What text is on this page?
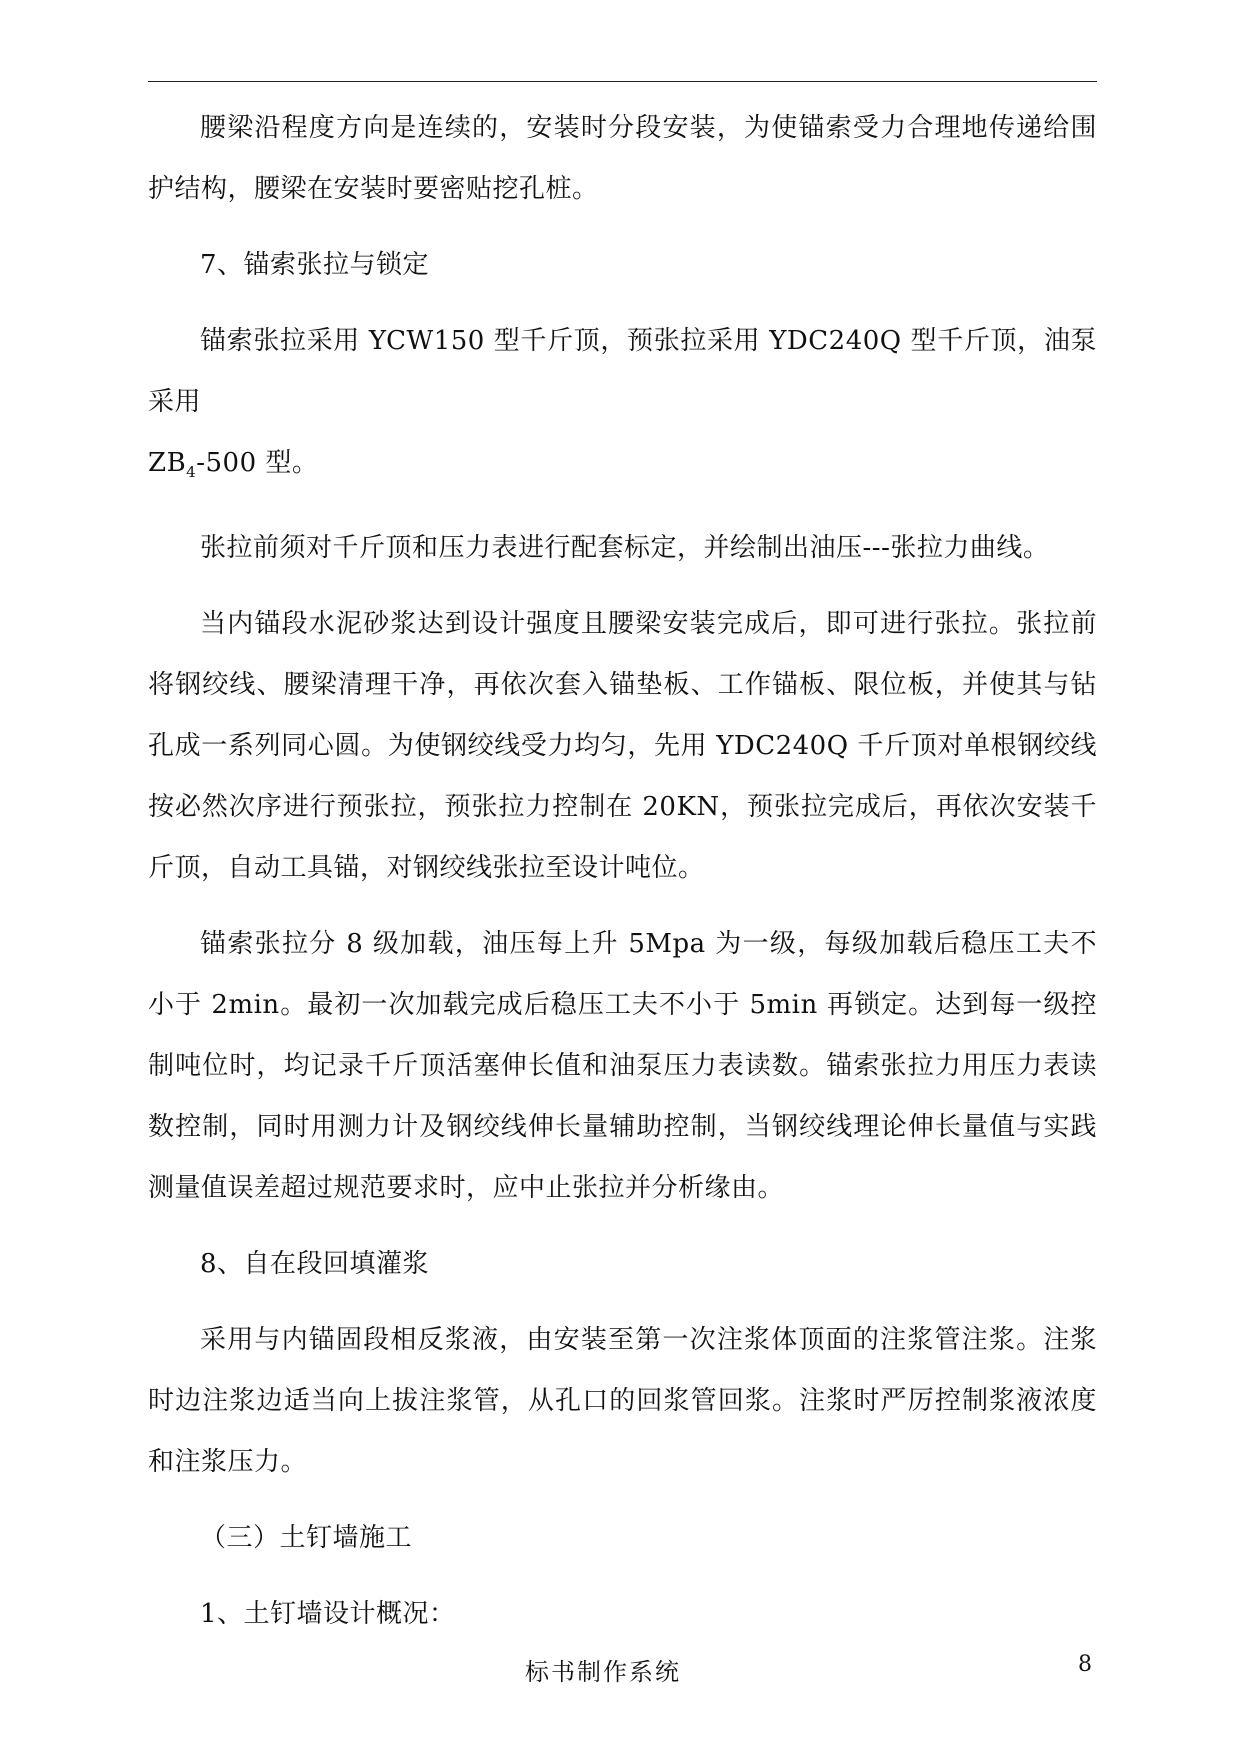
腰梁沿程度方向是连续的，安装时分段安装，为使锚索受力合理地传递给围护结构，腰梁在安装时要密贴挖孔桩。

7、锚索张拉与锁定

锚索张拉采用 YCW150 型千斤顶，预张拉采用 YDC240Q 型千斤顶，油泵采用

$ZB_4-500$ 型。

张拉前须对千斤顶和压力表进行配套标定，并绘制出油压---张拉力曲线。

当内锚段水泥砂浆达到设计强度且腰梁安装完成后，即可进行张拉。张拉前将钢绞线、腰梁清理干净，再依次套入锚垫板、工作锚板、限位板，并使其与钻孔成一系列同心圆。为使钢绞线受力均匀，先用 YDC240Q 千斤顶对单根钢绞线按必然次序进行预张拉，预张拉力控制在 20KN，预张拉完成后，再依次安装千斤顶，自动工具锚，对钢绞线张拉至设计吨位。

锚索张拉分 8 级加载，油压每上升 5Mpa 为一级，每级加载后稳压工夫不小于 2min。最初一次加载完成后稳压工夫不小于 5min 再锁定。达到每一级控制吨位时，均记录千斤顶活塞伸长值和油泵压力表读数。锚索张拉力用压力表读数控制，同时用测力计及钢绞线伸长量辅助控制，当钢绞线理论伸长量值与实践测量值误差超过规范要求时，应中止张拉并分析缘由。

8、自在段回填灌浆

采用与内锚固段相反浆液，由安装至第一次注浆体顶面的注浆管注浆。注浆时边注浆边适当向上拔注浆管，从孔口的回浆管回浆。注浆时严厉控制浆液浓度和注浆压力。

（三）土钉墙施工

1、土钉墙设计概况：

标书制作系统	8
